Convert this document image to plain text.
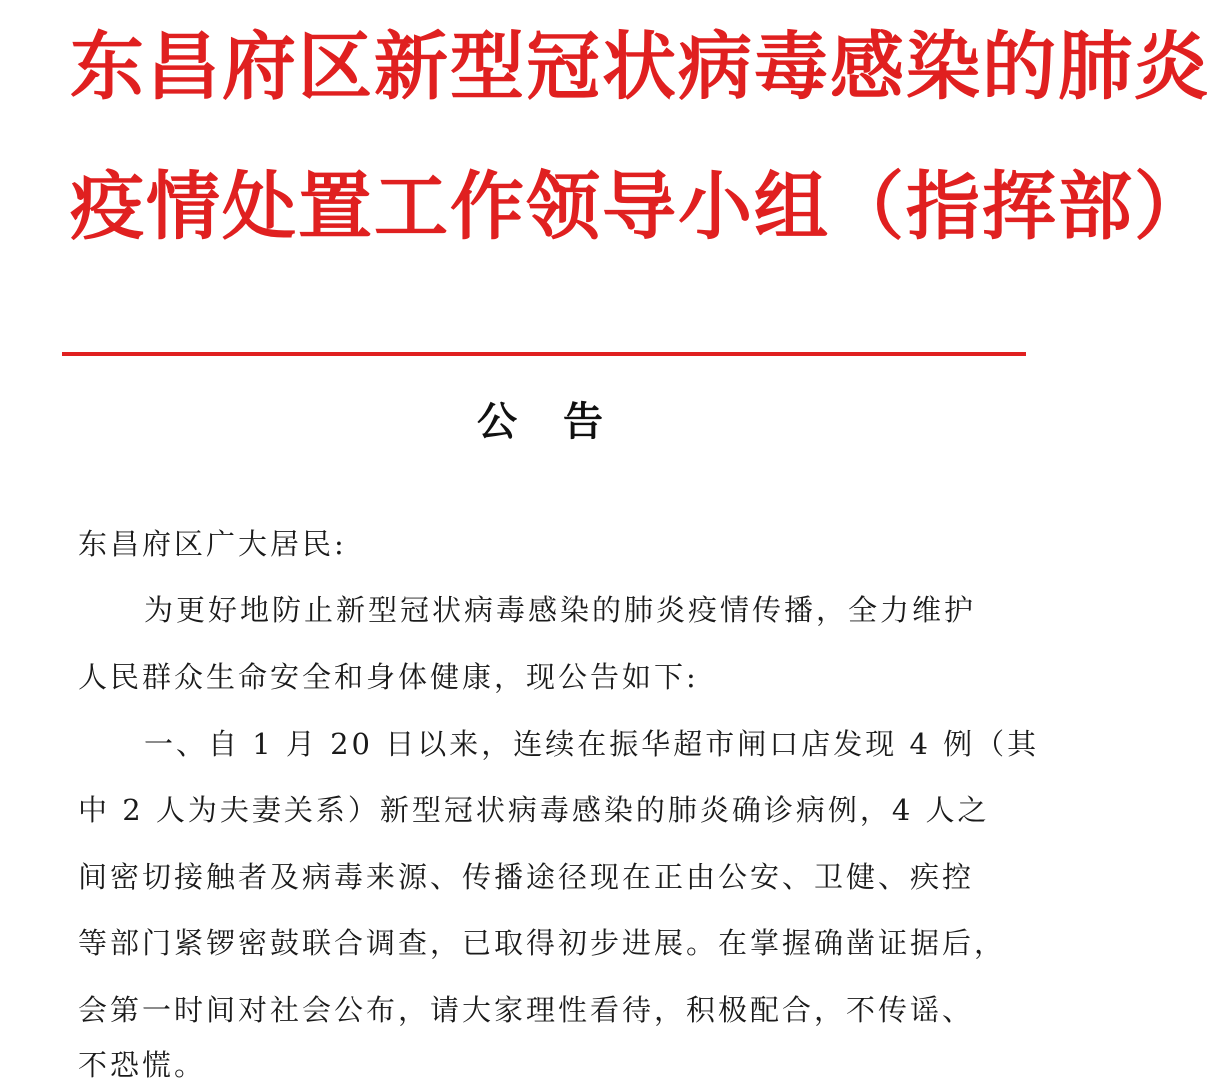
东昌府区新型冠状病毒感染的肺炎
疫情处置工作领导小组（指挥部）
公 告
东昌府区广大居民:
为更好地防止新型冠状病毒感染的肺炎疫情传播，全力维护
人民群众生命安全和身体健康，现公告如下:
一、自 1 月 20 日以来，连续在振华超市闸口店发现 4 例（其
中 2 人为夫妻关系）新型冠状病毒感染的肺炎确诊病例，4 人之
间密切接触者及病毒来源、传播途径现在正由公安、卫健、疾控
等部门紧锣密鼓联合调查，已取得初步进展。在掌握确凿证据后，
会第一时间对社会公布，请大家理性看待，积极配合，不传谣、
不恐慌。
